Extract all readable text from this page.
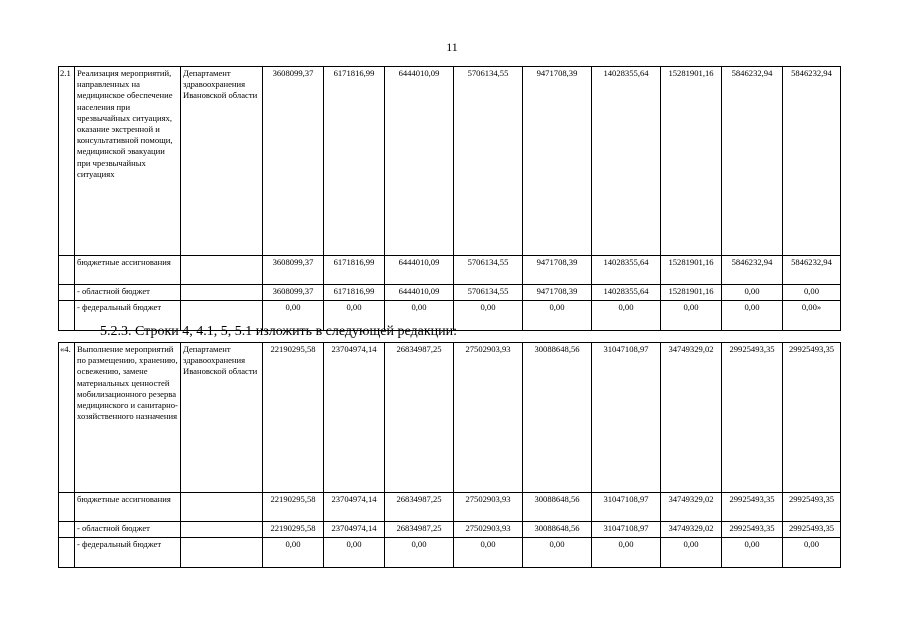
11
2.1	Реализация мероприятий, направленных на медицинское обеспечение населения при чрезвычайных ситуациях, оказание экстренной и консультативной помощи, медицинской эвакуации при чрезвычайных ситуациях	Департамент здравоохранения Ивановской области	3608099,37	6171816,99	6444010,09	5706134,55	9471708,39	14028355,64	15281901,16	5846232,94	5846232,94
	бюджетные ассигнования		3608099,37	6171816,99	6444010,09	5706134,55	9471708,39	14028355,64	15281901,16	5846232,94	5846232,94
	- областной бюджет		3608099,37	6171816,99	6444010,09	5706134,55	9471708,39	14028355,64	15281901,16	0,00	0,00
	- федеральный бюджет		0,00	0,00	0,00	0,00	0,00	0,00	0,00	0,00	0,00»
5.2.3. Строки 4, 4.1, 5, 5.1 изложить в следующей редакции:
«4.	Выполнение мероприятий по размещению, хранению, освежению, замене материальных ценностей мобилизационного резерва медицинского и санитарно-хозяйственного назначения	Департамент здравоохранения Ивановской области	22190295,58	23704974,14	26834987,25	27502903,93	30088648,56	31047108,97	34749329,02	29925493,35	29925493,35
	бюджетные ассигнования		22190295,58	23704974,14	26834987,25	27502903,93	30088648,56	31047108,97	34749329,02	29925493,35	29925493,35
	- областной бюджет		22190295,58	23704974,14	26834987,25	27502903,93	30088648,56	31047108,97	34749329,02	29925493,35	29925493,35
	- федеральный бюджет		0,00	0,00	0,00	0,00	0,00	0,00	0,00	0,00	0,00
